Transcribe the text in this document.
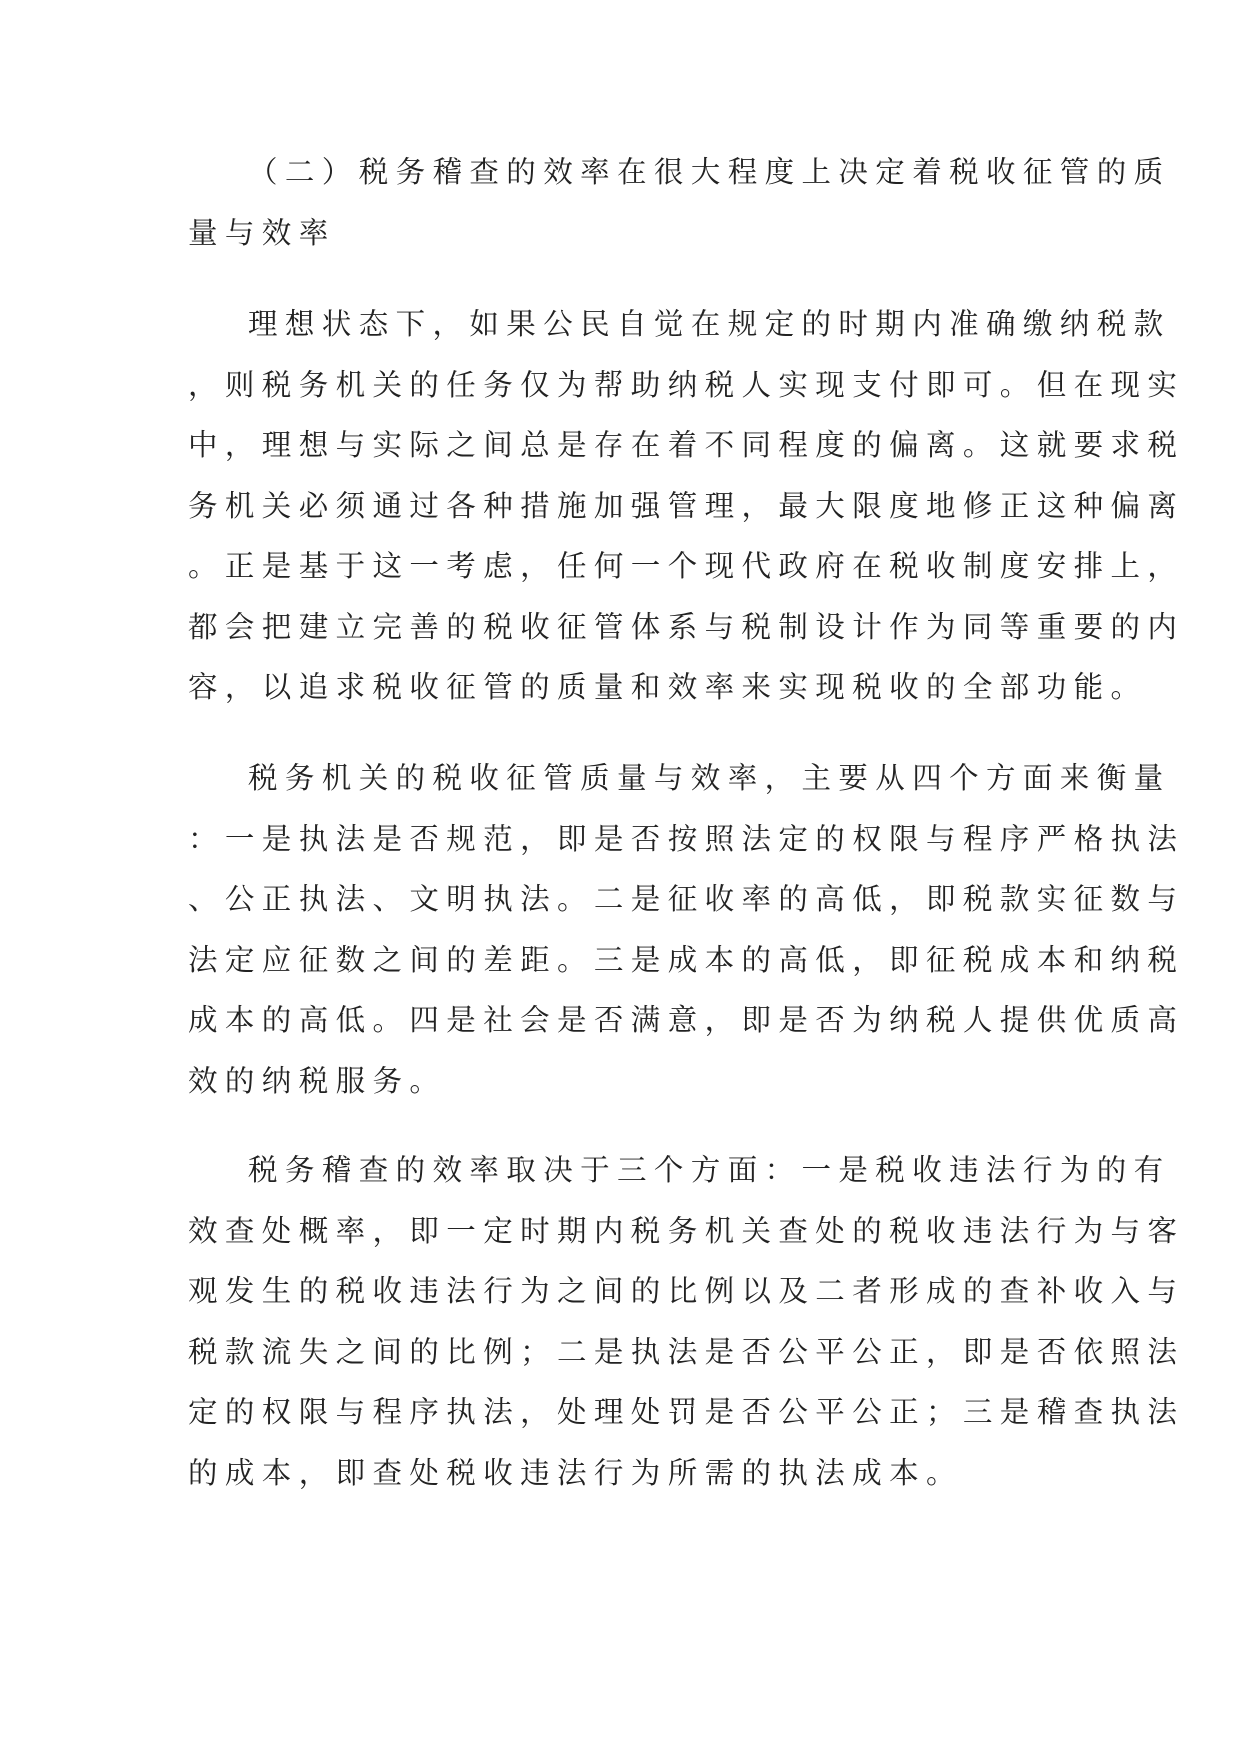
（二）税务稽查的效率在很大程度上决定着税收征管的质
量与效率
理想状态下，如果公民自觉在规定的时期内准确缴纳税款
，则税务机关的任务仅为帮助纳税人实现支付即可。但在现实
中，理想与实际之间总是存在着不同程度的偏离。这就要求税
务机关必须通过各种措施加强管理，最大限度地修正这种偏离
。正是基于这一考虑，任何一个现代政府在税收制度安排上，
都会把建立完善的税收征管体系与税制设计作为同等重要的内
容，以追求税收征管的质量和效率来实现税收的全部功能。
税务机关的税收征管质量与效率，主要从四个方面来衡量
：一是执法是否规范，即是否按照法定的权限与程序严格执法
、公正执法、文明执法。二是征收率的高低，即税款实征数与
法定应征数之间的差距。三是成本的高低，即征税成本和纳税
成本的高低。四是社会是否满意，即是否为纳税人提供优质高
效的纳税服务。
税务稽查的效率取决于三个方面：一是税收违法行为的有
效查处概率，即一定时期内税务机关查处的税收违法行为与客
观发生的税收违法行为之间的比例以及二者形成的查补收入与
税款流失之间的比例；二是执法是否公平公正，即是否依照法
定的权限与程序执法，处理处罚是否公平公正；三是稽查执法
的成本，即查处税收违法行为所需的执法成本。
